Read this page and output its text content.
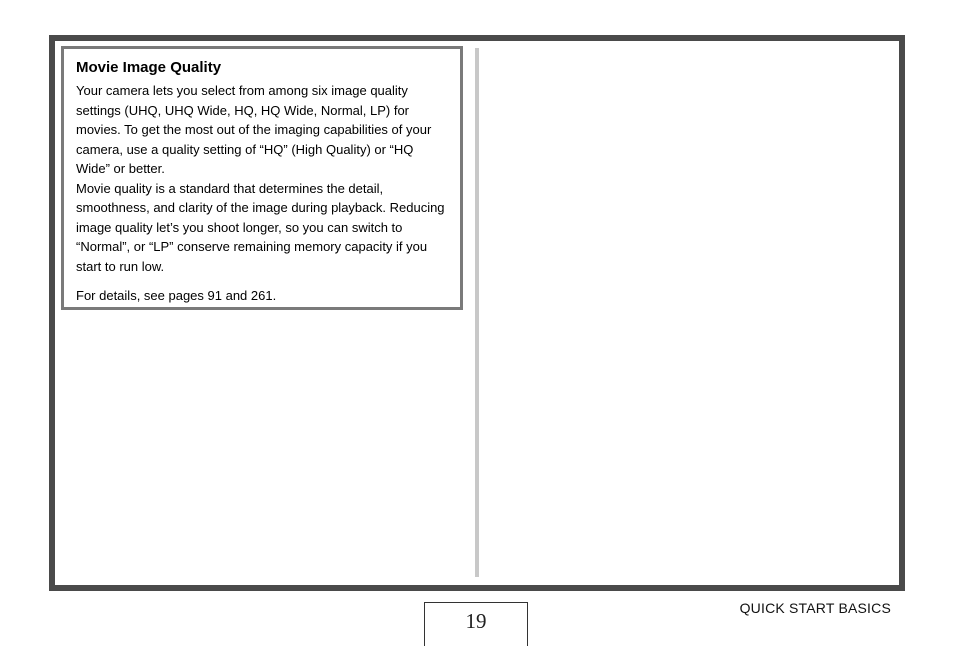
Movie Image Quality

Your camera lets you select from among six image quality settings (UHQ, UHQ Wide, HQ, HQ Wide, Normal, LP) for movies. To get the most out of the imaging capabilities of your camera, use a quality setting of “HQ” (High Quality) or “HQ Wide” or better.

Movie quality is a standard that determines the detail, smoothness, and clarity of the image during playback. Reducing image quality let’s you shoot longer, so you can switch to “Normal”, or “LP” conserve remaining memory capacity if you start to run low.

For details, see pages 91 and 261.

19
QUICK START BASICS
